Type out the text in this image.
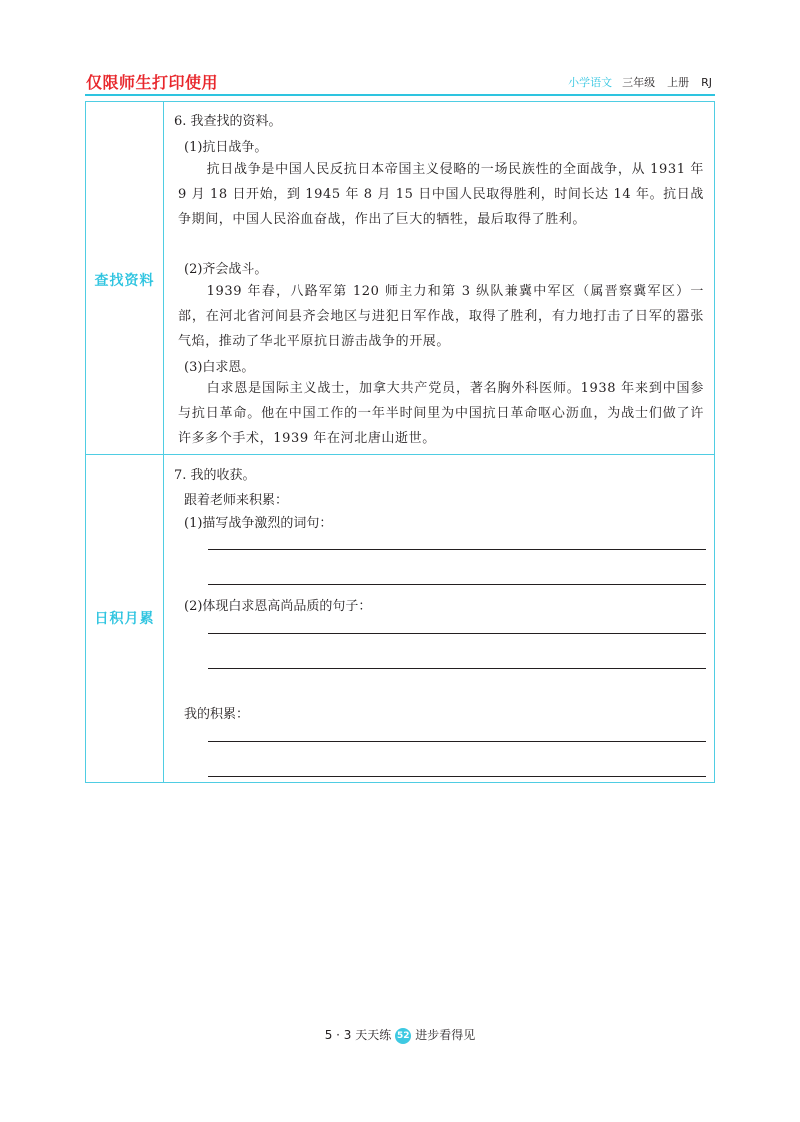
仅限师生打印使用	小学语文 三年级 上册 RJ
查找资料
日积月累
6. 我查找的资料。
(1)抗日战争。
抗日战争是中国人民反抗日本帝国主义侵略的一场民族性的全面战争，从 1931 年 9 月 18 日开始，到 1945 年 8 月 15 日中国人民取得胜利，时间长达 14 年。抗日战争期间，中国人民浴血奋战，作出了巨大的牺牲，最后取得了胜利。
(2)齐会战斗。
1939 年春，八路军第 120 师主力和第 3 纵队兼冀中军区（属晋察冀军区）一部，在河北省河间县齐会地区与进犯日军作战，取得了胜利，有力地打击了日军的嚣张气焰，推动了华北平原抗日游击战争的开展。
(3)白求恩。
白求恩是国际主义战士，加拿大共产党员，著名胸外科医师。1938 年来到中国参与抗日革命。他在中国工作的一年半时间里为中国抗日革命呕心沥血，为战士们做了许许多多个手术，1939 年在河北唐山逝世。
7. 我的收获。
跟着老师来积累：
(1)描写战争激烈的词句：
(2)体现白求恩高尚品质的句子：
我的积累：
5 · 3 天天练 52 进步看得见
